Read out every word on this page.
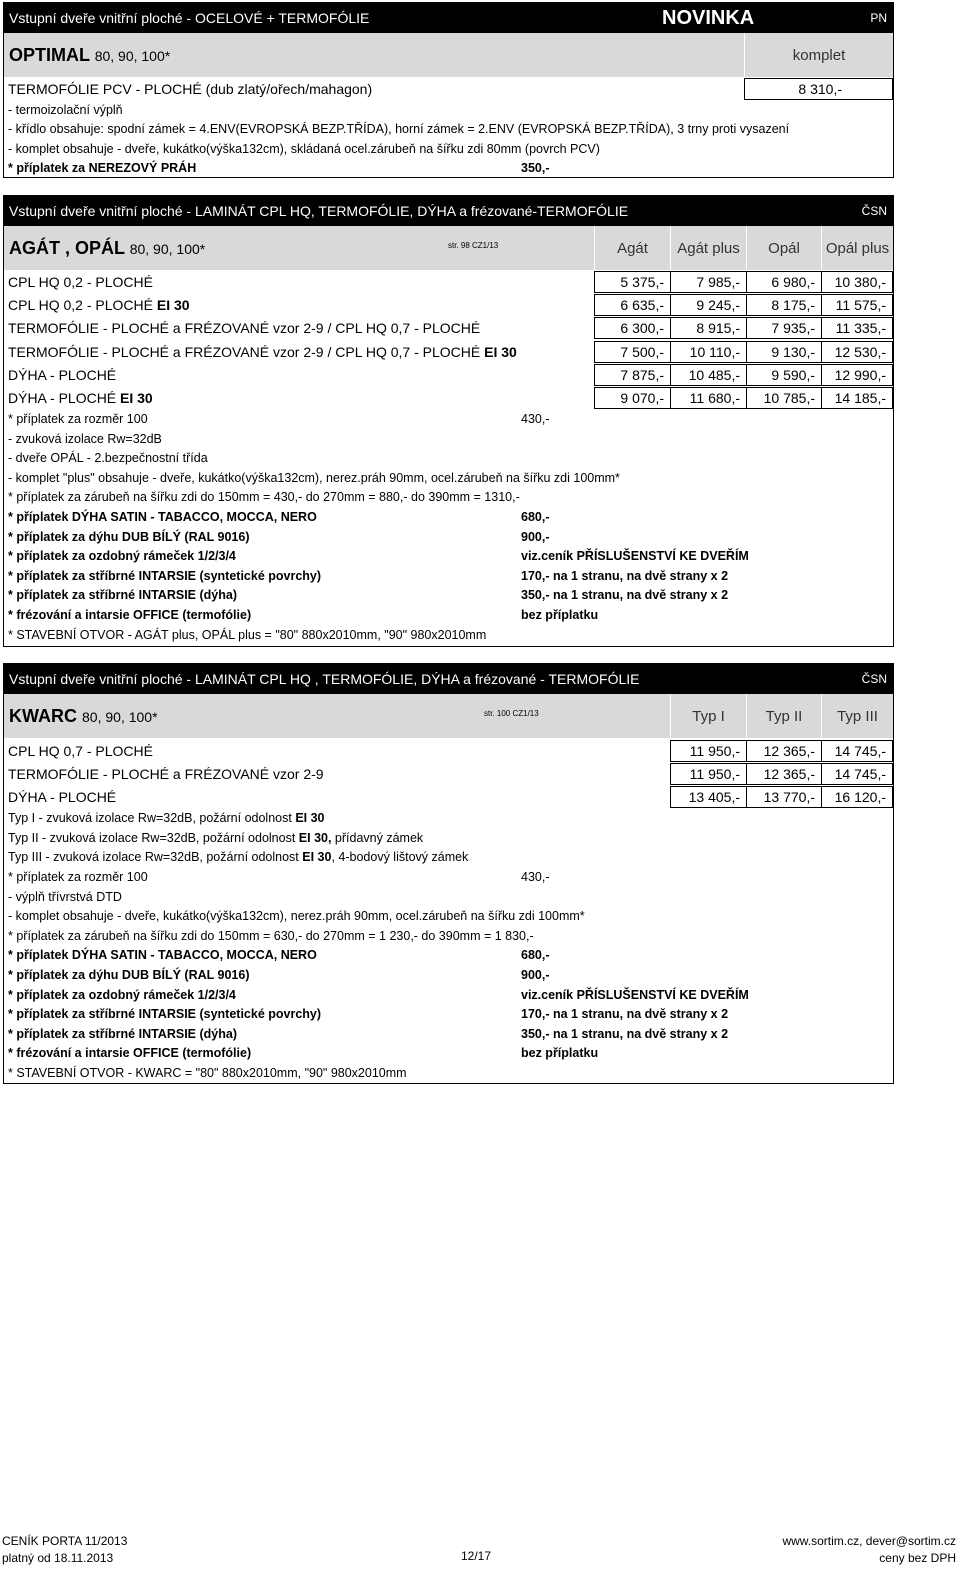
Vstupní dveře vnitřní ploché - OCELOVÉ + TERMOFÓLIE	NOVINKA	PN
OPTIMAL 80, 90, 100*	komplet
TERMOFÓLIE PCV - PLOCHÉ (dub zlatý/ořech/mahagon)	8 310,-
- termoizolační výplň
- křídlo obsahuje: spodní zámek = 4.ENV(EVROPSKÁ BEZP.TŘÍDA), horní zámek = 2.ENV (EVROPSKÁ BEZP.TŘÍDA), 3 trny proti vysazení
- komplet obsahuje - dveře, kukátko(výška132cm), skládaná ocel.zárubeň na šířku zdi 80mm (povrch PCV)
* příplatek za NEREZOVÝ PRÁH	350,-
Vstupní dveře vnitřní ploché - LAMINÁT CPL HQ, TERMOFÓLIE, DÝHA a frézované-TERMOFÓLIE	ČSN
AGÁT , OPÁL 80, 90, 100*	str. 98 CZ1/13	Agát	Agát plus	Opál	Opál plus
CPL HQ 0,2 - PLOCHÉ	5 375,-	7 985,-	6 980,-	10 380,-
CPL HQ 0,2 - PLOCHÉ EI 30	6 635,-	9 245,-	8 175,-	11 575,-
TERMOFÓLIE - PLOCHÉ a FRÉZOVANÉ vzor 2-9 / CPL HQ 0,7 - PLOCHÉ	6 300,-	8 915,-	7 935,-	11 335,-
TERMOFÓLIE - PLOCHÉ a FRÉZOVANÉ vzor 2-9 / CPL HQ 0,7 - PLOCHÉ EI 30	7 500,-	10 110,-	9 130,-	12 530,-
DÝHA - PLOCHÉ	7 875,-	10 485,-	9 590,-	12 990,-
DÝHA - PLOCHÉ EI 30	9 070,-	11 680,-	10 785,-	14 185,-
* příplatek za rozměr 100	430,-
- zvuková izolace Rw=32dB
- dveře OPÁL - 2.bezpečnostní třída
- komplet "plus" obsahuje - dveře, kukátko(výška132cm), nerez.práh 90mm, ocel.zárubeň na šířku zdi 100mm*
* příplatek za zárubeň na šířku zdi do 150mm = 430,- do 270mm = 880,- do 390mm = 1310,-
* příplatek DÝHA SATIN - TABACCO, MOCCA, NERO	680,-
* příplatek za dýhu DUB BÍLÝ (RAL 9016)	900,-
* příplatek za ozdobný rámeček 1/2/3/4	viz.ceník PŘÍSLUŠENSTVÍ KE DVEŘÍM
* příplatek za stříbrné INTARSIE (syntetické povrchy)	170,- na 1 stranu, na dvě strany x 2
* příplatek za stříbrné INTARSIE (dýha)	350,- na 1 stranu, na dvě strany x 2
* frézování a intarsie OFFICE (termofólie)	bez příplatku
* STAVEBNÍ OTVOR - AGÁT plus, OPÁL plus = "80" 880x2010mm, "90" 980x2010mm
Vstupní dveře vnitřní ploché - LAMINÁT CPL HQ , TERMOFÓLIE, DÝHA a frézované - TERMOFÓLIE	ČSN
KWARC 80, 90, 100*	str. 100 CZ1/13	Typ I	Typ II	Typ III
CPL HQ 0,7 - PLOCHÉ	11 950,-	12 365,-	14 745,-
TERMOFÓLIE - PLOCHÉ a FRÉZOVANÉ vzor 2-9	11 950,-	12 365,-	14 745,-
DÝHA - PLOCHÉ	13 405,-	13 770,-	16 120,-
Typ I - zvuková izolace Rw=32dB, požární odolnost EI 30
Typ II - zvuková izolace Rw=32dB, požární odolnost EI 30, přídavný zámek
Typ III - zvuková izolace Rw=32dB, požární odolnost EI 30, 4-bodový lištový zámek
* příplatek za rozměr 100	430,-
- výplň třívrstvá DTD
- komplet obsahuje - dveře, kukátko(výška132cm), nerez.práh 90mm, ocel.zárubeň na šířku zdi 100mm*
* příplatek za zárubeň na šířku zdi do 150mm = 630,- do 270mm = 1 230,- do 390mm = 1 830,-
* příplatek DÝHA SATIN - TABACCO, MOCCA, NERO	680,-
* příplatek za dýhu DUB BÍLÝ (RAL 9016)	900,-
* příplatek za ozdobný rámeček 1/2/3/4	viz.ceník PŘÍSLUŠENSTVÍ KE DVEŘÍM
* příplatek za stříbrné INTARSIE (syntetické povrchy)	170,- na 1 stranu, na dvě strany x 2
* příplatek za stříbrné INTARSIE (dýha)	350,- na 1 stranu, na dvě strany x 2
* frézování a intarsie OFFICE (termofólie)	bez příplatku
* STAVEBNÍ OTVOR - KWARC = "80" 880x2010mm, "90" 980x2010mm
CENÍK PORTA 11/2013
platný od 18.11.2013	12/17
www.sortim.cz, dever@sortim.cz
ceny bez DPH
